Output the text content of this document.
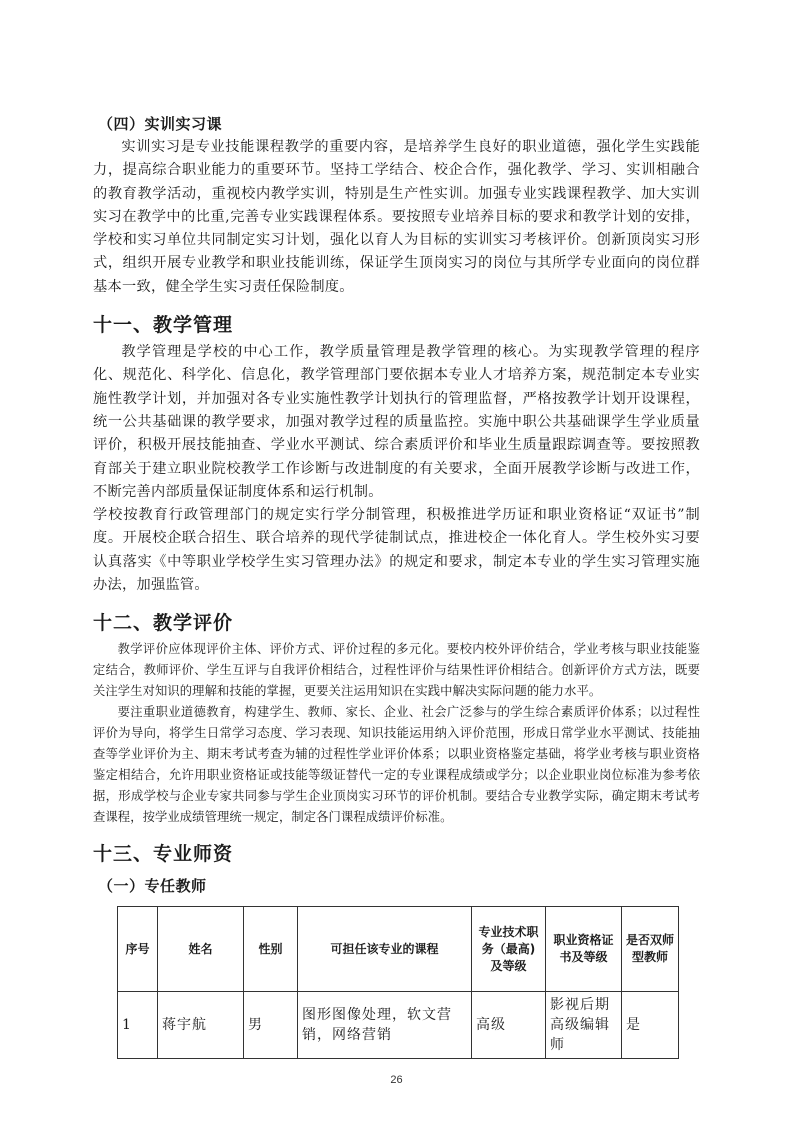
（四）实训实习课

实训实习是专业技能课程教学的重要内容，是培养学生良好的职业道德，强化学生实践能力，提高综合职业能力的重要环节。坚持工学结合、校企合作，强化教学、学习、实训相融合的教育教学活动，重视校内教学实训，特别是生产性实训。加强专业实践课程教学、加大实训实习在教学中的比重,完善专业实践课程体系。要按照专业培养目标的要求和教学计划的安排，学校和实习单位共同制定实习计划，强化以育人为目标的实训实习考核评价。创新顶岗实习形式，组织开展专业教学和职业技能训练，保证学生顶岗实习的岗位与其所学专业面向的岗位群基本一致，健全学生实习责任保险制度。

十一、教学管理

教学管理是学校的中心工作，教学质量管理是教学管理的核心。为实现教学管理的程序化、规范化、科学化、信息化，教学管理部门要依据本专业人才培养方案，规范制定本专业实施性教学计划，并加强对各专业实施性教学计划执行的管理监督，严格按教学计划开设课程，统一公共基础课的教学要求，加强对教学过程的质量监控。实施中职公共基础课学生学业质量评价，积极开展技能抽查、学业水平测试、综合素质评价和毕业生质量跟踪调查等。要按照教育部关于建立职业院校教学工作诊断与改进制度的有关要求，全面开展教学诊断与改进工作，不断完善内部质量保证制度体系和运行机制。

学校按教育行政管理部门的规定实行学分制管理，积极推进学历证和职业资格证“双证书”制度。开展校企联合招生、联合培养的现代学徒制试点，推进校企一体化育人。学生校外实习要认真落实《中等职业学校学生实习管理办法》的规定和要求，制定本专业的学生实习管理实施办法，加强监管。

十二、教学评价

教学评价应体现评价主体、评价方式、评价过程的多元化。要校内校外评价结合，学业考核与职业技能鉴定结合，教师评价、学生互评与自我评价相结合，过程性评价与结果性评价相结合。创新评价方式方法，既要关注学生对知识的理解和技能的掌握，更要关注运用知识在实践中解决实际问题的能力水平。

要注重职业道德教育，构建学生、教师、家长、企业、社会广泛参与的学生综合素质评价体系；以过程性评价为导向，将学生日常学习态度、学习表现、知识技能运用纳入评价范围，形成日常学业水平测试、技能抽查等学业评价为主、期末考试考查为辅的过程性学业评价体系；以职业资格鉴定基础，将学业考核与职业资格鉴定相结合，允许用职业资格证或技能等级证替代一定的专业课程成绩或学分；以企业职业岗位标准为参考依据，形成学校与企业专家共同参与学生企业顶岗实习环节的评价机制。要结合专业教学实际，确定期末考试考查课程，按学业成绩管理统一规定，制定各门课程成绩评价标准。

十三、专业师资
（一）专任教师
序号	姓名	性别	可担任该专业的课程	专业技术职务（最高)及等级	职业资格证书及等级	是否双师型教师
1	蒋宇航	男	图形图像处理，软文营销，网络营销	高级	影视后期高级编辑师	是
26
